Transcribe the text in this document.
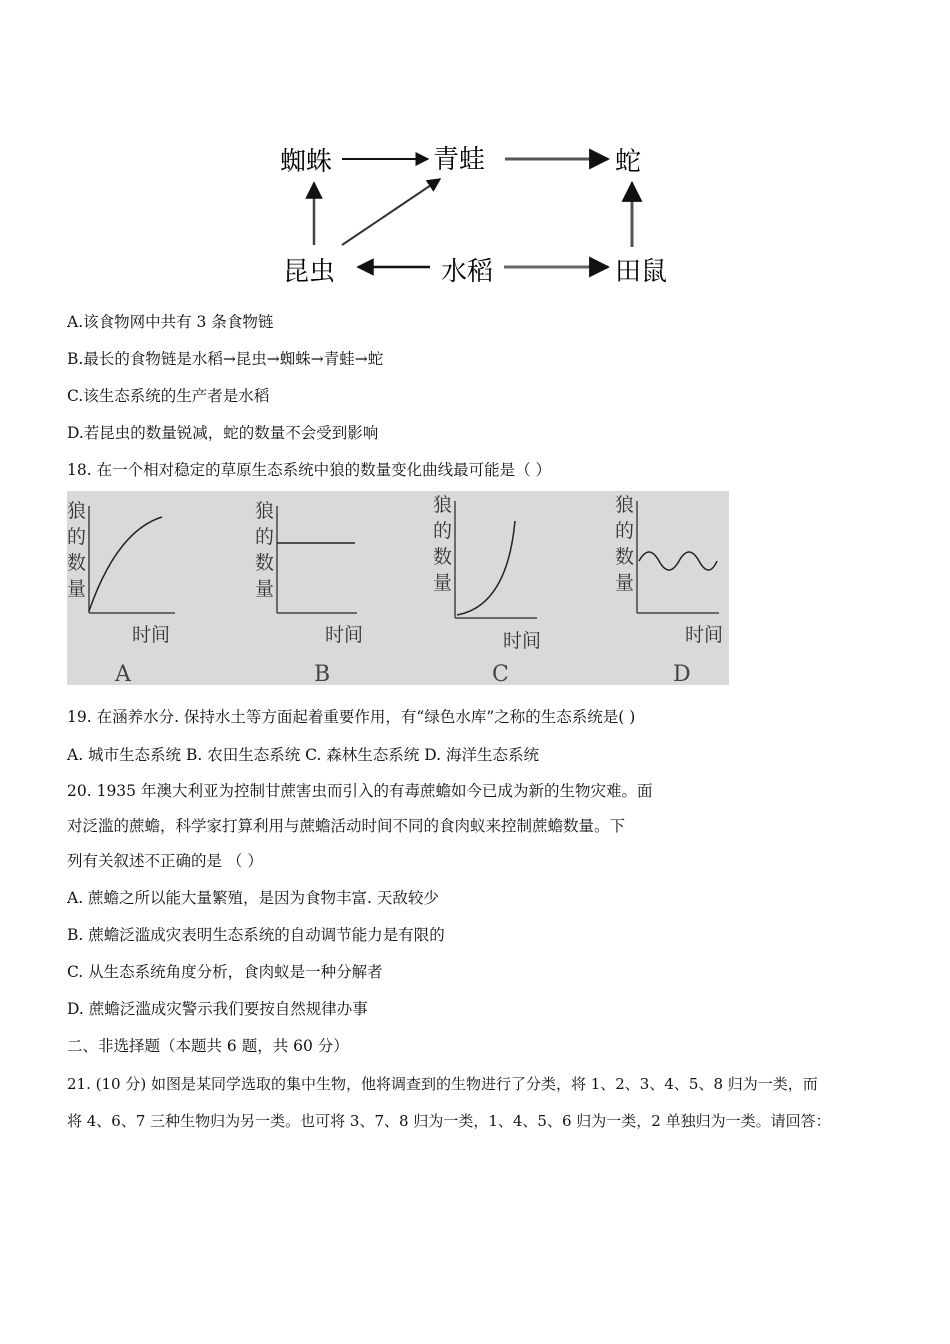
蜘蛛	青蛙	蛇
昆虫	水稻	田鼠
A.该食物网中共有 3 条食物链
B.最长的食物链是水稻→昆虫→蜘蛛→青蛙→蛇
C.该生态系统的生产者是水稻
D.若昆虫的数量锐减，蛇的数量不会受到影响
18. 在一个相对稳定的草原生态系统中狼的数量变化曲线最可能是（ ）
狼
的
数
量
时间
A
狼
的
数
量
时间
B
狼
的
数
量
时间
C
狼
的
数
量
时间
D
19. 在涵养水分. 保持水土等方面起着重要作用，有“绿色水库”之称的生态系统是( )
A. 城市生态系统 B. 农田生态系统 C. 森林生态系统 D. 海洋生态系统
20. 1935 年澳大利亚为控制甘蔗害虫而引入的有毒蔗蟾如今已成为新的生物灾难。面
对泛滥的蔗蟾，科学家打算利用与蔗蟾活动时间不同的食肉蚁来控制蔗蟾数量。下
列有关叙述不正确的是 （ ）
A. 蔗蟾之所以能大量繁殖，是因为食物丰富. 天敌较少
B. 蔗蟾泛滥成灾表明生态系统的自动调节能力是有限的
C. 从生态系统角度分析，食肉蚁是一种分解者
D. 蔗蟾泛滥成灾警示我们要按自然规律办事
二、非选择题（本题共 6 题，共 60 分）
21. (10 分) 如图是某同学选取的集中生物，他将调查到的生物进行了分类，将 1、2、3、4、5、8 归为一类，而
将 4、6、7 三种生物归为另一类。也可将 3、7、8 归为一类，1、4、5、6 归为一类，2 单独归为一类。请回答：
